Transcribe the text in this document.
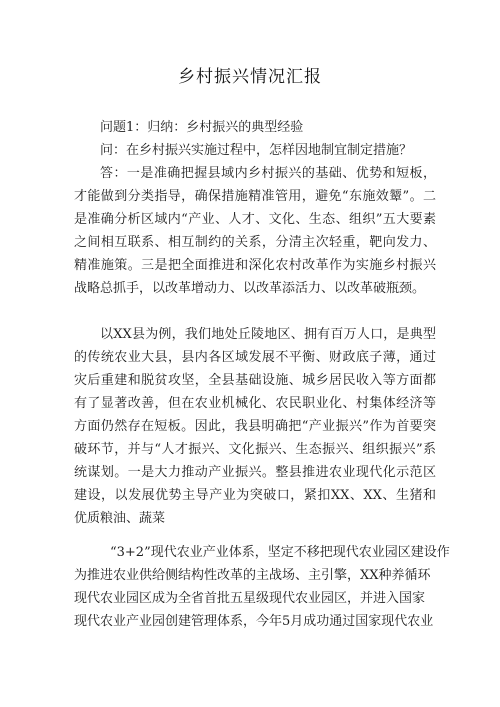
乡村振兴情况汇报
问题1：归纳：乡村振兴的典型经验
问：在乡村振兴实施过程中，怎样因地制宜制定措施？
答：一是准确把握县域内乡村振兴的基础、优势和短板，才能做到分类指导，确保措施精准管用，避免“东施效颦”。二是准确分析区域内“产业、人才、文化、生态、组织”五大要素之间相互联系、相互制约的关系，分清主次轻重，靶向发力、精准施策。三是把全面推进和深化农村改革作为实施乡村振兴战略总抓手，以改革增动力、以改革添活力、以改革破瓶颈。
以XX县为例，我们地处丘陵地区、拥有百万人口，是典型的传统农业大县，县内各区域发展不平衡、财政底子薄，通过灾后重建和脱贫攻坚，全县基础设施、城乡居民收入等方面都有了显著改善，但在农业机械化、农民职业化、村集体经济等方面仍然存在短板。因此，我县明确把“产业振兴”作为首要突破环节，并与“人才振兴、文化振兴、生态振兴、组织振兴”系统谋划。一是大力推动产业振兴。整县推进农业现代化示范区建设，以发展优势主导产业为突破口，紧扣XX、XX、生猪和优质粮油、蔬菜
“3+2”现代农业产业体系，坚定不移把现代农业园区建设作
为推进农业供给侧结构性改革的主战场、主引擎，XX种养循环
现代农业园区成为全省首批五星级现代农业园区，并进入国家
现代农业产业园创建管理体系，今年5月成功通过国家现代农业
